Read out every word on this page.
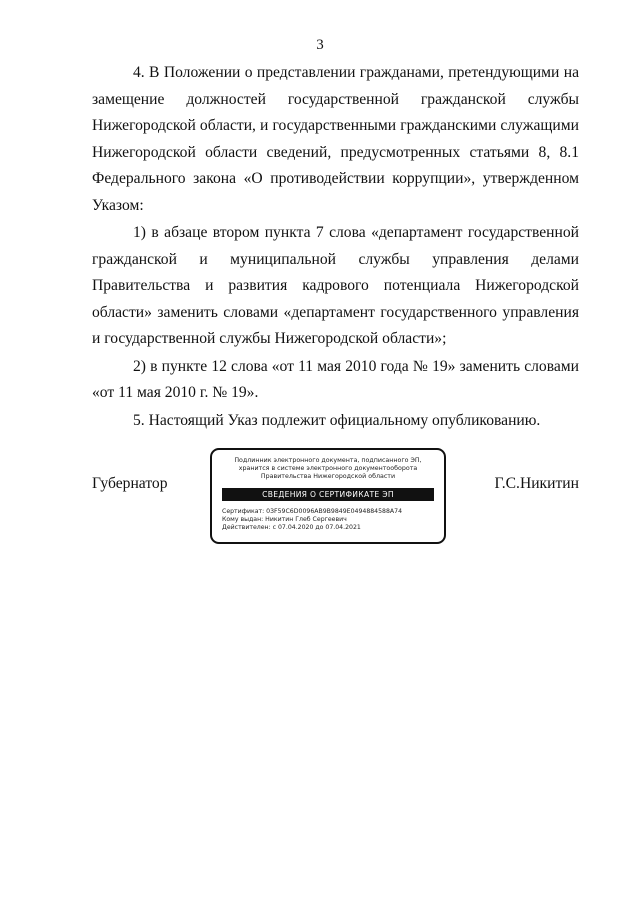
3

4. В Положении о представлении гражданами, претендующими на замещение должностей государственной гражданской службы Нижегородской области, и государственными гражданскими служащими Нижегородской области сведений, предусмотренных статьями 8, 8.1 Федерального закона «О противодействии коррупции», утвержденном Указом:

1) в абзаце втором пункта 7 слова «департамент государственной гражданской и муниципальной службы управления делами Правительства и развития кадрового потенциала Нижегородской области» заменить словами «департамент государственного управления и государственной службы Нижегородской области»;

2) в пункте 12 слова «от 11 мая 2010 года № 19» заменить словами «от 11 мая 2010 г. № 19».

5. Настоящий Указ подлежит официальному опубликованию.

Губернатор	Г.С.Никитин
Подлинник электронного документа, подписанного ЭП,
хранится в системе электронного документооборота
Правительства Нижегородской области
СВЕДЕНИЯ О СЕРТИФИКАТЕ ЭП
Сертификат: 03F59C6D0096AB9B9849E0494884588A74
Кому выдан: Никитин Глеб Сергеевич
Действителен: с 07.04.2020 до 07.04.2021
